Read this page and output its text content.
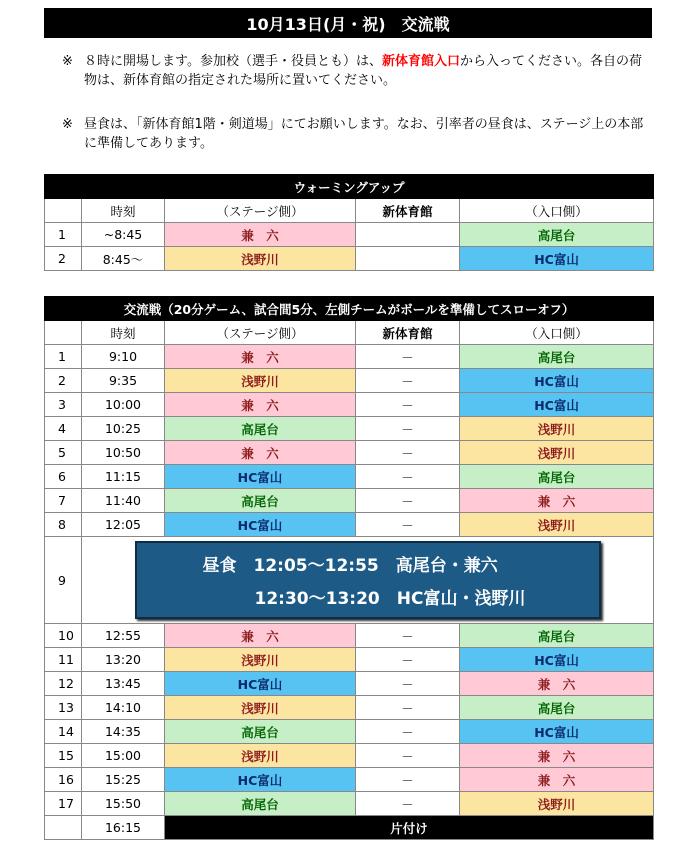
10月13日(月・祝)　交流戦
※ ８時に開場します。参加校（選手・役員とも）は、新体育館入口から入ってください。各自の荷物は、新体育館の指定された場所に置いてください。
※ 昼食は、「新体育館1階・剣道場」にてお願いします。なお、引率者の昼食は、ステージ上の本部に準備してあります。
ウォーミングアップ				
	時刻	（ステージ側）	新体育館	（入口側）
1	~8:45	兼　六		高尾台
2	8:45～	浅野川		HC富山
交流戦（20分ゲーム、試合間5分、左側チームがボールを準備してスローオフ）				
	時刻	（ステージ側）	新体育館	（入口側）
1	9:10	兼　六	－	高尾台
2	9:35	浅野川	－	HC富山
3	10:00	兼　六	－	HC富山
4	10:25	高尾台	－	浅野川
5	10:50	兼　六	－	浅野川
6	11:15	HC富山	－	高尾台
7	11:40	高尾台	－	兼　六
8	12:05	HC富山	－	浅野川
9	昼食　12:05～12:55　高尾台・兼六
12:30～13:20　HC富山・浅野川			

10	12:55	兼　六	－	高尾台
11	13:20	浅野川	－	HC富山
12	13:45	HC富山	－	兼　六
13	14:10	浅野川	－	高尾台
14	14:35	高尾台	－	HC富山
15	15:00	浅野川	－	兼　六
16	15:25	HC富山	－	兼　六
17	15:50	高尾台	－	浅野川
	16:15	片付け		
